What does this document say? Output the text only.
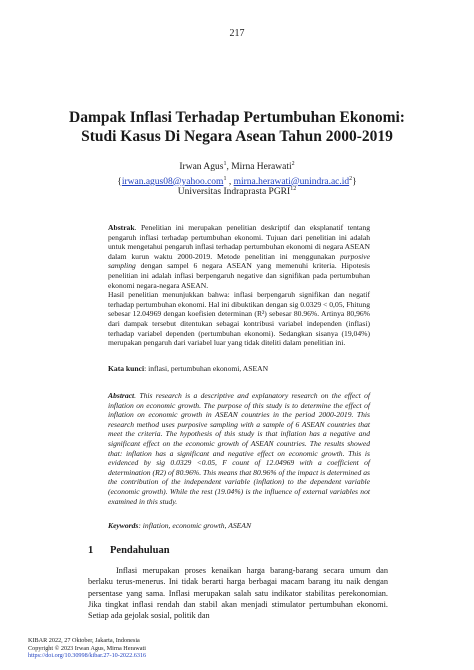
217
Dampak Inflasi Terhadap Pertumbuhan Ekonomi:
Studi Kasus Di Negara Asean Tahun 2000-2019
Irwan Agus$^1$, Mirna Herawati$^2$
{irwan.agus08@yahoo.com$^1$ , $mirna.herawati@unindra.ac.id^2$}
Universitas Indraprasta PGRI$^{12}$
Abstrak. Penelitian ini merupakan penelitian deskriptif dan eksplanatif tentang pengaruh inflasi terhadap pertumbuhan ekonomi. Tujuan dari penelitian ini adalah untuk mengetahui pengaruh inflasi terhadap pertumbuhan ekonomi di negara ASEAN dalam kurun waktu 2000-2019. Metode penelitian ini menggunakan purposive sampling dengan sampel 6 negara ASEAN yang memenuhi kriteria. Hipotesis penelitian ini adalah inflasi berpengaruh negative dan signifikan pada pertumbuhan ekonomi negara-negara ASEAN.
Hasil penelitian menunjukkan bahwa: inflasi berpengaruh signifikan dan negatif terhadap pertumbuhan ekonomi. Hal ini dibuktikan dengan sig 0.0329 < 0,05, Fhitung sebesar 12.04969 dengan koefisien determinan (R²) sebesar 80.96%. Artinya 80,96% dari dampak tersebut ditentukan sebagai kontribusi variabel independen (inflasi) terhadap variabel dependen (pertumbuhan ekonomi). Sedangkan sisanya (19,04%) merupakan pengaruh dari variabel luar yang tidak diteliti dalam penelitian ini.
Kata kunci: inflasi, pertumbuhan ekonomi, ASEAN
Abstract. This research is a descriptive and explanatory research on the effect of inflation on economic growth. The purpose of this study is to determine the effect of inflation on economic growth in ASEAN countries in the period 2000-2019. This research method uses purposive sampling with a sample of 6 ASEAN countries that meet the criteria. The hypothesis of this study is that inflation has a negative and significant effect on the economic growth of ASEAN countries. The results showed that: inflation has a significant and negative effect on economic growth. This is evidenced by sig 0.0329 <0.05, F count of 12.04969 with a coefficient of determination (R2) of 80.96%. This means that 80.96% of the impact is determined as the contribution of the independent variable (inflation) to the dependent variable (economic growth). While the rest (19.04%) is the influence of external variables not examined in this study.
Keywords: inflation, economic growth, ASEAN
1 Pendahuluan

Inflasi merupakan proses kenaikan harga barang-barang secara umum dan berlaku terus-menerus. Ini tidak berarti harga berbagai macam barang itu naik dengan persentase yang sama. Inflasi merupakan salah satu indikator stabilitas perekonomian. Jika tingkat inflasi rendah dan stabil akan menjadi stimulator pertumbuhan ekonomi. Setiap ada gejolak sosial, politik dan

KIBAR 2022, 27 Oktober, Jakarta, Indonesia
Copyright © 2023 Irwan Agus, Mirna Herawati
https://doi.org/10.30998/kibar.27-10-2022.6316
